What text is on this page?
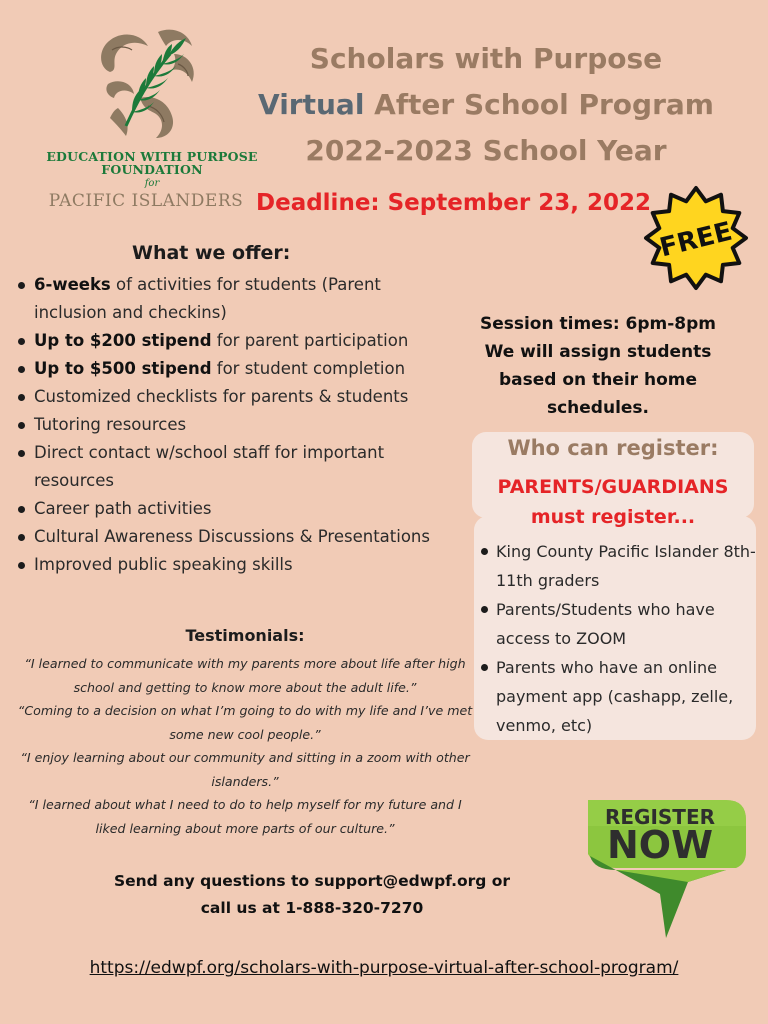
EDUCATION WITH PURPOSE
FOUNDATION
for
PACIFIC ISLANDERS
Scholars with Purpose
Virtual After School Program
2022-2023 School Year
Deadline: September 23, 2022
FREE
What we offer:
6-weeks of activities for students (Parent inclusion and checkins)
Up to $200 stipend for parent participation
Up to $500 stipend for student completion
Customized checklists for parents & students
Tutoring resources
Direct contact w/school staff for important resources
Career path activities
Cultural Awareness Discussions & Presentations
Improved public speaking skills
Session times: 6pm-8pm
We will assign students based on their home schedules.
Who can register:
PARENTS/GUARDIANS
must register...
King County Pacific Islander 8th-11th graders
Parents/Students who have access to ZOOM
Parents who have an online payment app (cashapp, zelle, venmo, etc)
Testimonials:
“I learned to communicate with my parents more about life after high school and getting to know more about the adult life.”
“Coming to a decision on what I’m going to do with my life and I’ve met some new cool people.”
“I enjoy learning about our community and sitting in a zoom with other islanders.”
“I learned about what I need to do to help myself for my future and I liked learning about more parts of our culture.”	REGISTER
NOW
Send any questions to support@edwpf.org or
call us at 1-888-320-7270
https://edwpf.org/scholars-with-purpose-virtual-after-school-program/
